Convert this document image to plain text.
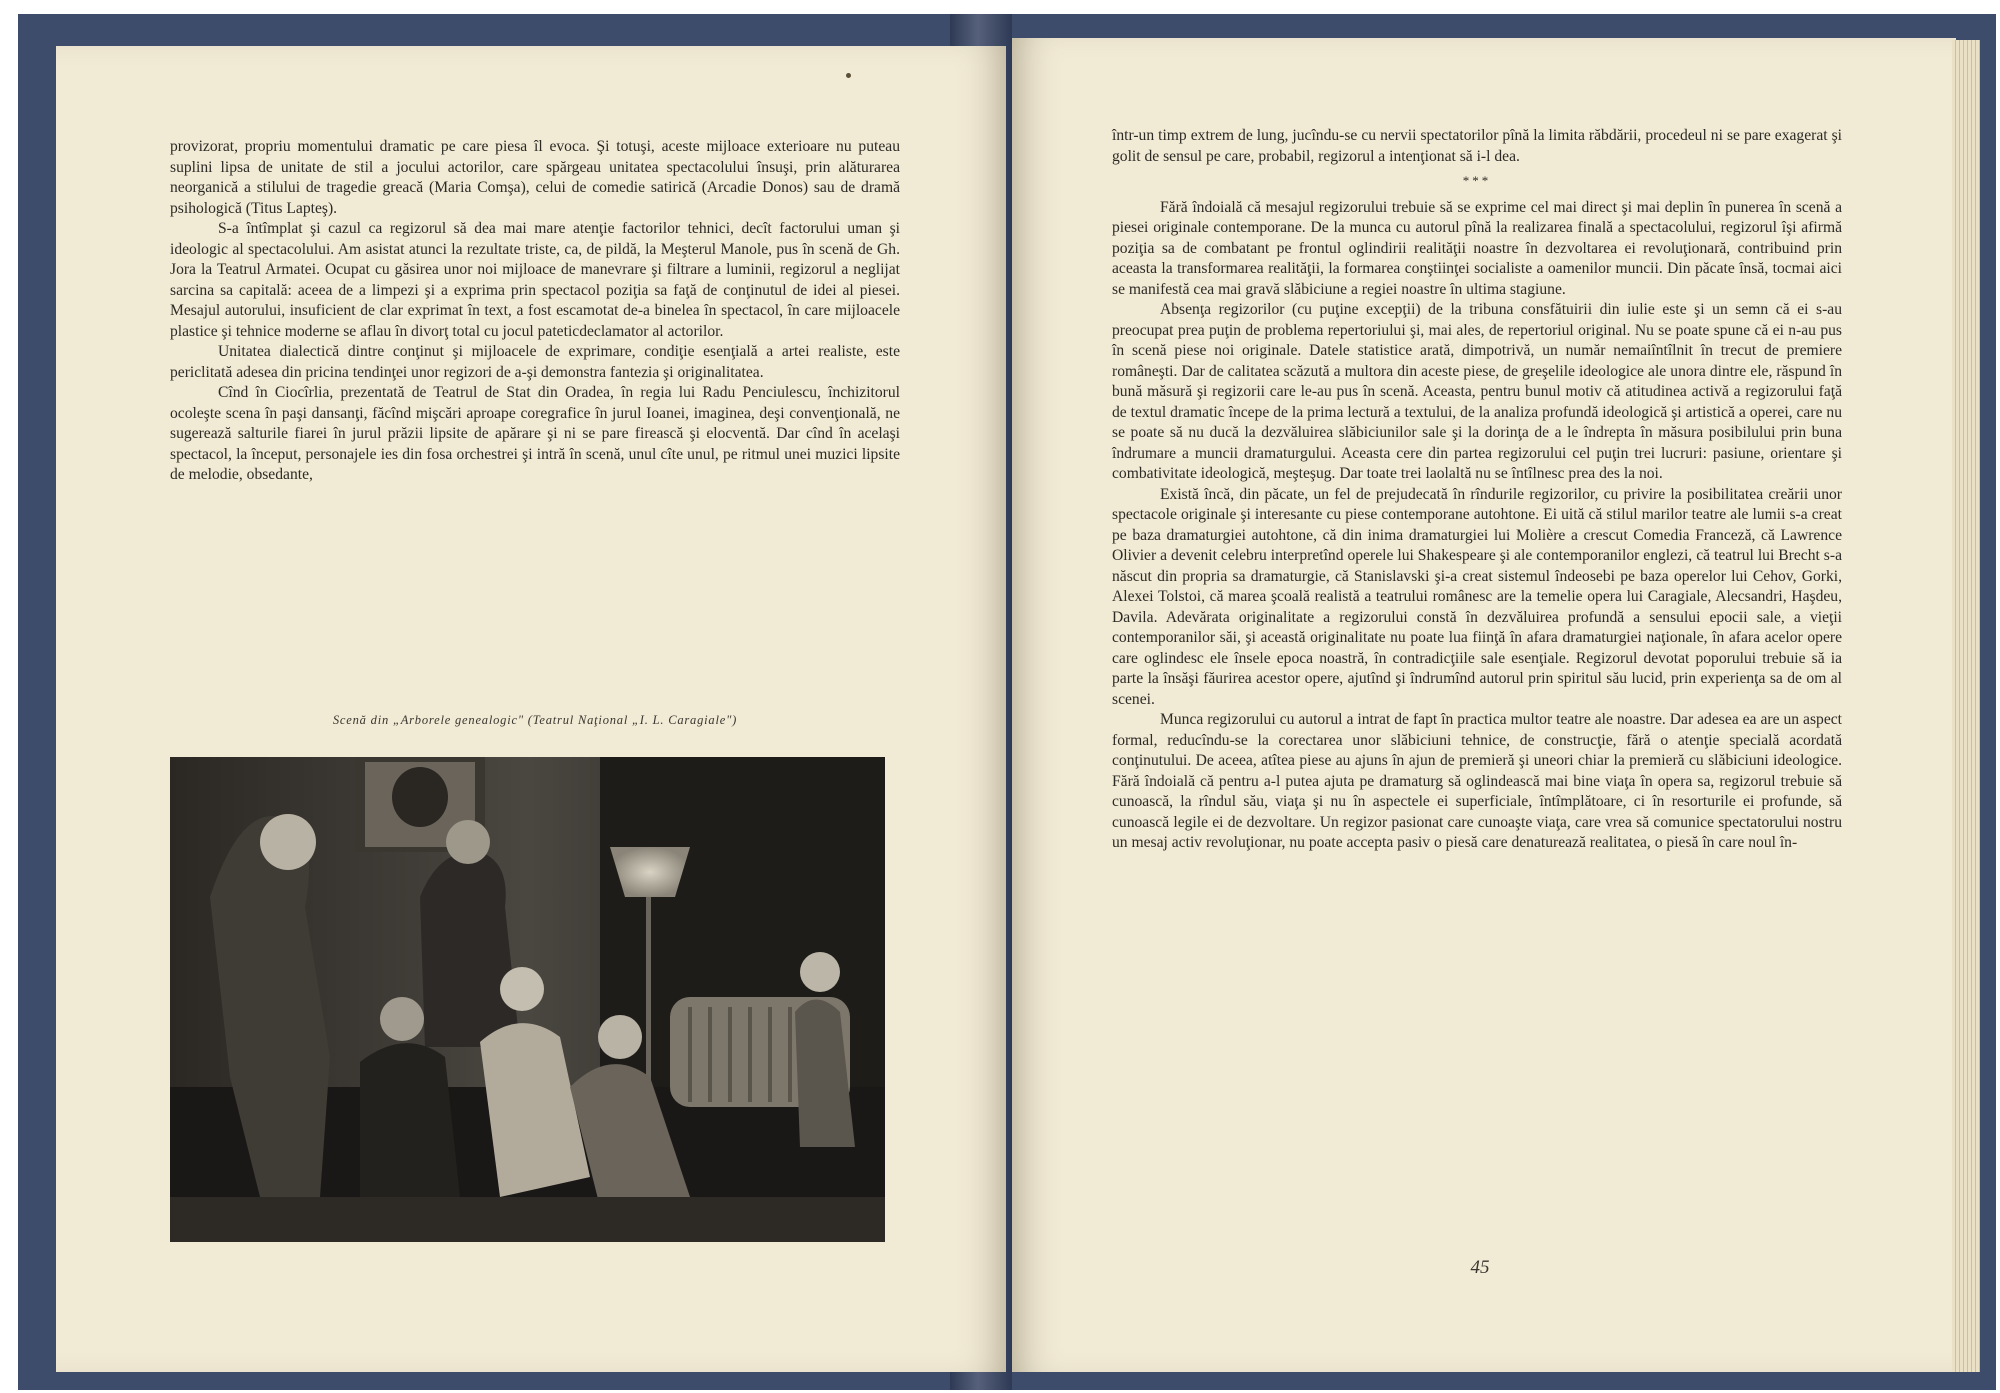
provizorat, propriu momentului dramatic pe care piesa îl evoca. Şi totuşi, aceste mijloace exterioare nu puteau suplini lipsa de unitate de stil a jocului actorilor, care spărgeau unitatea spectacolului însuşi, prin alăturarea neorganică a stilului de tragedie greacă (Maria Comşa), celui de comedie satirică (Arcadie Donos) sau de dramă psihologică (Titus Lapteş).

S-a întîmplat şi cazul ca regizorul să dea mai mare atenţie factorilor tehnici, decît factorului uman şi ideologic al spectacolului. Am asistat atunci la rezultate triste, ca, de pildă, la Meşterul Manole, pus în scenă de Gh. Jora la Teatrul Armatei. Ocupat cu găsirea unor noi mijloace de manevrare şi filtrare a luminii, regizorul a neglijat sarcina sa capitală: aceea de a limpezi şi a exprima prin spectacol poziţia sa faţă de conţinutul de idei al piesei. Mesajul autorului, insuficient de clar exprimat în text, a fost escamotat de-a binelea în spectacol, în care mijloacele plastice şi tehnice moderne se aflau în divorţ total cu jocul pateticdeclamator al actorilor.

Unitatea dialectică dintre conţinut şi mijloacele de exprimare, condiţie esenţială a artei realiste, este periclitată adesea din pricina tendinţei unor regizori de a-şi demonstra fantezia şi originalitatea.

Cînd în Ciocîrlia, prezentată de Teatrul de Stat din Oradea, în regia lui Radu Penciulescu, închizitorul ocoleşte scena în paşi dansanţi, făcînd mişcări aproape coregrafice în jurul Ioanei, imaginea, deşi convenţională, ne sugerează salturile fiarei în jurul prăzii lipsite de apărare şi ni se pare firească şi elocventă. Dar cînd în acelaşi spectacol, la început, personajele ies din fosa orchestrei şi intră în scenă, unul cîte unul, pe ritmul unei muzici lipsite de melodie, obsedante,

Scenă din „Arborele genealogic" (Teatrul Naţional „I. L. Caragiale")

într-un timp extrem de lung, jucîndu-se cu nervii spectatorilor pînă la limita răbdării, procedeul ni se pare exagerat şi golit de sensul pe care, probabil, regizorul a intenţionat să i-l dea.

***

Fără îndoială că mesajul regizorului trebuie să se exprime cel mai direct şi mai deplin în punerea în scenă a piesei originale contemporane. De la munca cu autorul pînă la realizarea finală a spectacolului, regizorul îşi afirmă poziţia sa de combatant pe frontul oglindirii realităţii noastre în dezvoltarea ei revoluţionară, contribuind prin aceasta la transformarea realităţii, la formarea conştiinţei socialiste a oamenilor muncii. Din păcate însă, tocmai aici se manifestă cea mai gravă slăbiciune a regiei noastre în ultima stagiune.

Absenţa regizorilor (cu puţine excepţii) de la tribuna consfătuirii din iulie este şi un semn că ei s-au preocupat prea puţin de problema repertoriului şi, mai ales, de repertoriul original. Nu se poate spune că ei n-au pus în scenă piese noi originale. Datele statistice arată, dimpotrivă, un număr nemaiîntîlnit în trecut de premiere româneşti. Dar de calitatea scăzută a multora din aceste piese, de greşelile ideologice ale unora dintre ele, răspund în bună măsură şi regizorii care le-au pus în scenă. Aceasta, pentru bunul motiv că atitudinea activă a regizorului faţă de textul dramatic începe de la prima lectură a textului, de la analiza profundă ideologică şi artistică a operei, care nu se poate să nu ducă la dezvăluirea slăbiciunilor sale şi la dorinţa de a le îndrepta în măsura posibilului prin buna îndrumare a muncii dramaturgului. Aceasta cere din partea regizorului cel puţin trei lucruri: pasiune, orientare şi combativitate ideologică, meşteşug. Dar toate trei laolaltă nu se întîlnesc prea des la noi.

Există încă, din păcate, un fel de prejudecată în rîndurile regizorilor, cu privire la posibilitatea creării unor spectacole originale şi interesante cu piese contemporane autohtone. Ei uită că stilul marilor teatre ale lumii s-a creat pe baza dramaturgiei autohtone, că din inima dramaturgiei lui Molière a crescut Comedia Franceză, că Lawrence Olivier a devenit celebru interpretînd operele lui Shakespeare şi ale contemporanilor englezi, că teatrul lui Brecht s-a născut din propria sa dramaturgie, că Stanislavski şi-a creat sistemul îndeosebi pe baza operelor lui Cehov, Gorki, Alexei Tolstoi, că marea şcoală realistă a teatrului românesc are la temelie opera lui Caragiale, Alecsandri, Haşdeu, Davila. Adevărata originalitate a regizorului constă în dezvăluirea profundă a sensului epocii sale, a vieţii contemporanilor săi, şi această originalitate nu poate lua fiinţă în afara dramaturgiei naţionale, în afara acelor opere care oglindesc ele însele epoca noastră, în contradicţiile sale esenţiale. Regizorul devotat poporului trebuie să ia parte la însăşi făurirea acestor opere, ajutînd şi îndrumînd autorul prin spiritul său lucid, prin experienţa sa de om al scenei.

Munca regizorului cu autorul a intrat de fapt în practica multor teatre ale noastre. Dar adesea ea are un aspect formal, reducîndu-se la corectarea unor slăbiciuni tehnice, de construcţie, fără o atenţie specială acordată conţinutului. De aceea, atîtea piese au ajuns în ajun de premieră şi uneori chiar la premieră cu slăbiciuni ideologice. Fără îndoială că pentru a-l putea ajuta pe dramaturg să oglindească mai bine viaţa în opera sa, regizorul trebuie să cunoască, la rîndul său, viaţa şi nu în aspectele ei superficiale, întîmplătoare, ci în resorturile ei profunde, să cunoască legile ei de dezvoltare. Un regizor pasionat care cunoaşte viaţa, care vrea să comunice spectatorului nostru un mesaj activ revoluţionar, nu poate accepta pasiv o piesă care denaturează realitatea, o piesă în care noul în-

45
